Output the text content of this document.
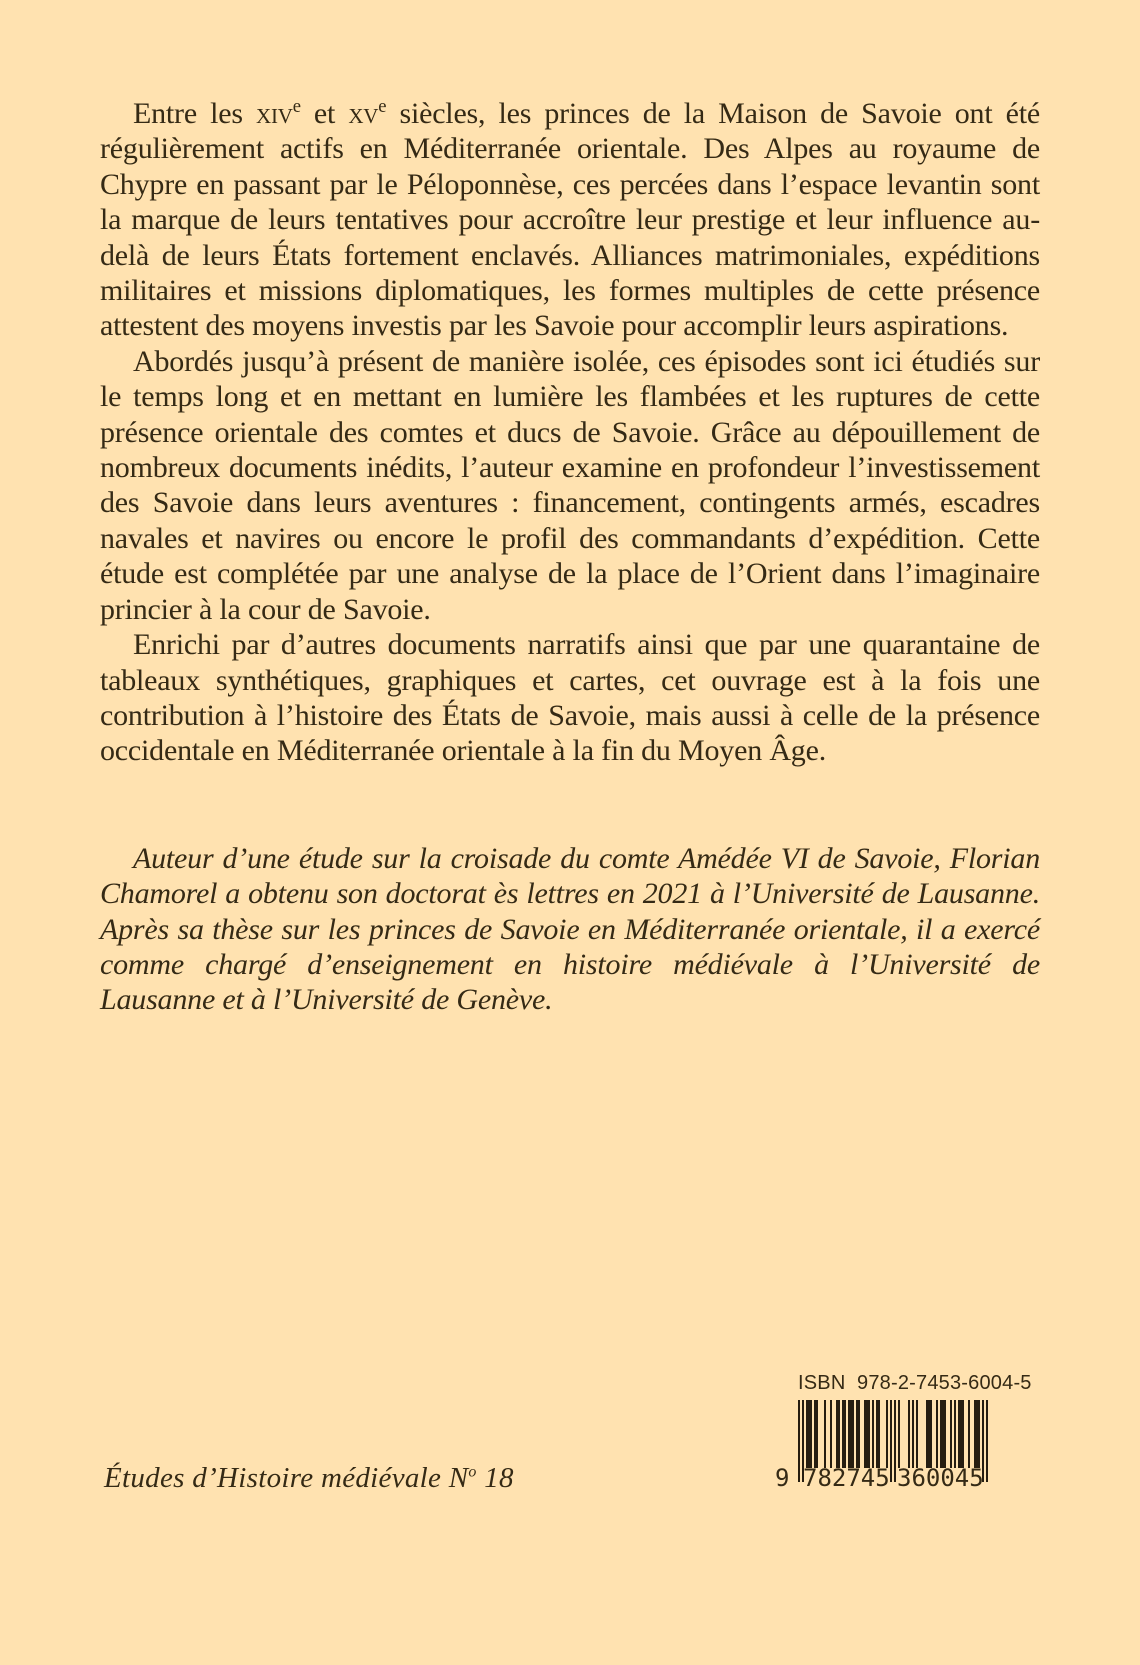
Entre les xiv$^e$ et $xv^e$ siècles, les princes de la Maison de Savoie ont été régulièrement actifs en Méditerranée orientale. Des Alpes au royaume de Chypre en passant par le Péloponnèse, ces percées dans l’espace levantin sont la marque de leurs tentatives pour accroître leur prestige et leur influence au-delà de leurs États fortement enclavés. Alliances matrimoniales, expéditions militaires et missions diplomatiques, les formes multiples de cette présence attestent des moyens investis par les Savoie pour accomplir leurs aspirations.

Abordés jusqu’à présent de manière isolée, ces épisodes sont ici étudiés sur le temps long et en mettant en lumière les flambées et les ruptures de cette présence orientale des comtes et ducs de Savoie. Grâce au dépouillement de nombreux documents inédits, l’auteur examine en profondeur l’investissement des Savoie dans leurs aventures : financement, contingents armés, escadres navales et navires ou encore le profil des commandants d’expédition. Cette étude est complétée par une analyse de la place de l’Orient dans l’imaginaire princier à la cour de Savoie.

Enrichi par d’autres documents narratifs ainsi que par une quarantaine de tableaux synthétiques, graphiques et cartes, cet ouvrage est à la fois une contribution à l’histoire des États de Savoie, mais aussi à celle de la présence occidentale en Méditerranée orientale à la fin du Moyen Âge.

Auteur d’une étude sur la croisade du comte Amédée VI de Savoie, Florian Chamorel a obtenu son doctorat ès lettres en 2021 à l’Université de Lausanne. Après sa thèse sur les princes de Savoie en Méditerranée orientale, il a exercé comme chargé d’enseignement en histoire médiévale à l’Université de Lausanne et à l’Université de Genève.

Études d’Histoire médiévale $N^o$ 18
ISBN  978-2-7453-6004-5
9 782745 360045
